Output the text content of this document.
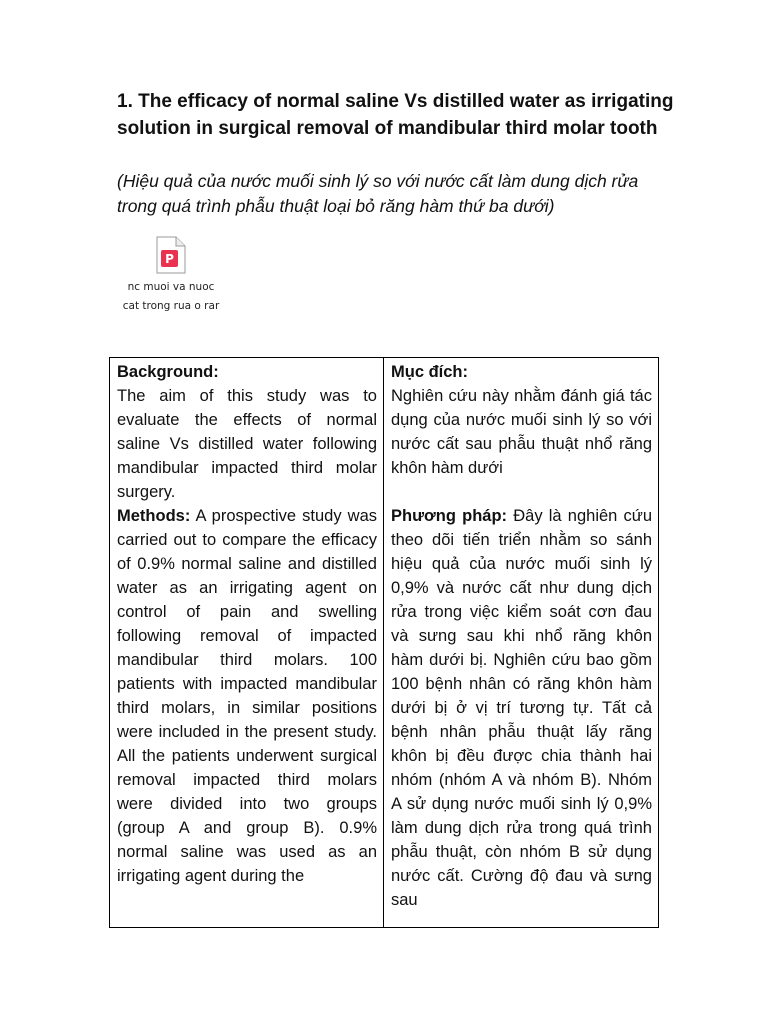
1. The efficacy of normal saline Vs distilled water as irrigating solution in surgical removal of mandibular third molar tooth

(Hiệu quả của nước muối sinh lý so với nước cất làm dung dịch rửa trong quá trình phẫu thuật loại bỏ răng hàm thứ ba dưới)

P
nc muoi va nuoc
cat trong rua o rar

Background:

The aim of this study was to evaluate the effects of normal saline Vs distilled water following mandibular impacted third molar surgery.

Methods: A prospective study was carried out to compare the efficacy of 0.9% normal saline and distilled water as an irrigating agent on control of pain and swelling following removal of impacted mandibular third molars. 100 patients with impacted mandibular third molars, in similar positions were included in the present study. All the patients underwent surgical removal impacted third molars were divided into two groups (group A and group B). 0.9% normal saline was used as an irrigating agent during the

Mục đích:

Nghiên cứu này nhằm đánh giá tác dụng của nước muối sinh lý so với nước cất sau phẫu thuật nhổ răng khôn hàm dưới

Phương pháp: Đây là nghiên cứu theo dõi tiến triển nhằm so sánh hiệu quả của nước muối sinh lý 0,9% và nước cất như dung dịch rửa trong việc kiểm soát cơn đau và sưng sau khi nhổ răng khôn hàm dưới bị. Nghiên cứu bao gồm 100 bệnh nhân có răng khôn hàm dưới bị ở vị trí tương tự. Tất cả bệnh nhân phẫu thuật lấy răng khôn bị đều được chia thành hai nhóm (nhóm A và nhóm B). Nhóm A sử dụng nước muối sinh lý 0,9% làm dung dịch rửa trong quá trình phẫu thuật, còn nhóm B sử dụng nước cất. Cường độ đau và sưng sau
